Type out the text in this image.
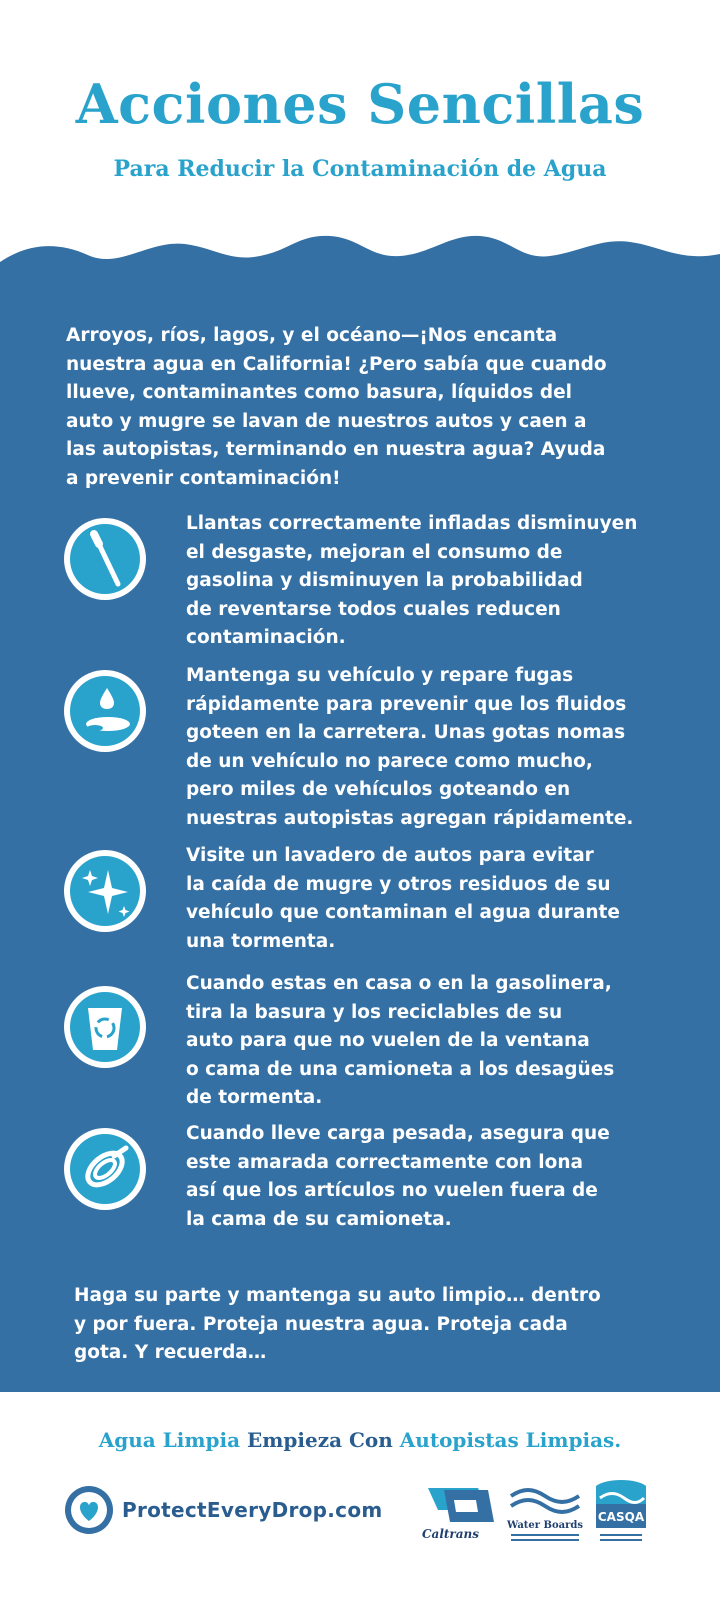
Acciones Sencillas
Para Reducir la Contaminación de Agua
Arroyos, ríos, lagos, y el océano—¡Nos encanta
nuestra agua en California! ¿Pero sabía que cuando
llueve, contaminantes como basura, líquidos del
auto y mugre se lavan de nuestros autos y caen a
las autopistas, terminando en nuestra agua? Ayuda
a prevenir contaminación!
Llantas correctamente infladas disminuyen
el desgaste, mejoran el consumo de
gasolina y disminuyen la probabilidad
de reventarse todos cuales reducen
contaminación.
Mantenga su vehículo y repare fugas
rápidamente para prevenir que los fluidos
goteen en la carretera. Unas gotas nomas
de un vehículo no parece como mucho,
pero miles de vehículos goteando en
nuestras autopistas agregan rápidamente.
Visite un lavadero de autos para evitar
la caída de mugre y otros residuos de su
vehículo que contaminan el agua durante
una tormenta.
Cuando estas en casa o en la gasolinera,
tira la basura y los reciclables de su
auto para que no vuelen de la ventana
o cama de una camioneta a los desagües
de tormenta.
Cuando lleve carga pesada, asegura que
este amarada correctamente con lona
así que los artículos no vuelen fuera de
la cama de su camioneta.
Haga su parte y mantenga su auto limpio… dentro
y por fuera. Proteja nuestra agua. Proteja cada
gota. Y recuerda…
Agua Limpia Empieza Con Autopistas Limpias.
ProtectEveryDrop.com
Caltrans
Water Boards
CASQA
